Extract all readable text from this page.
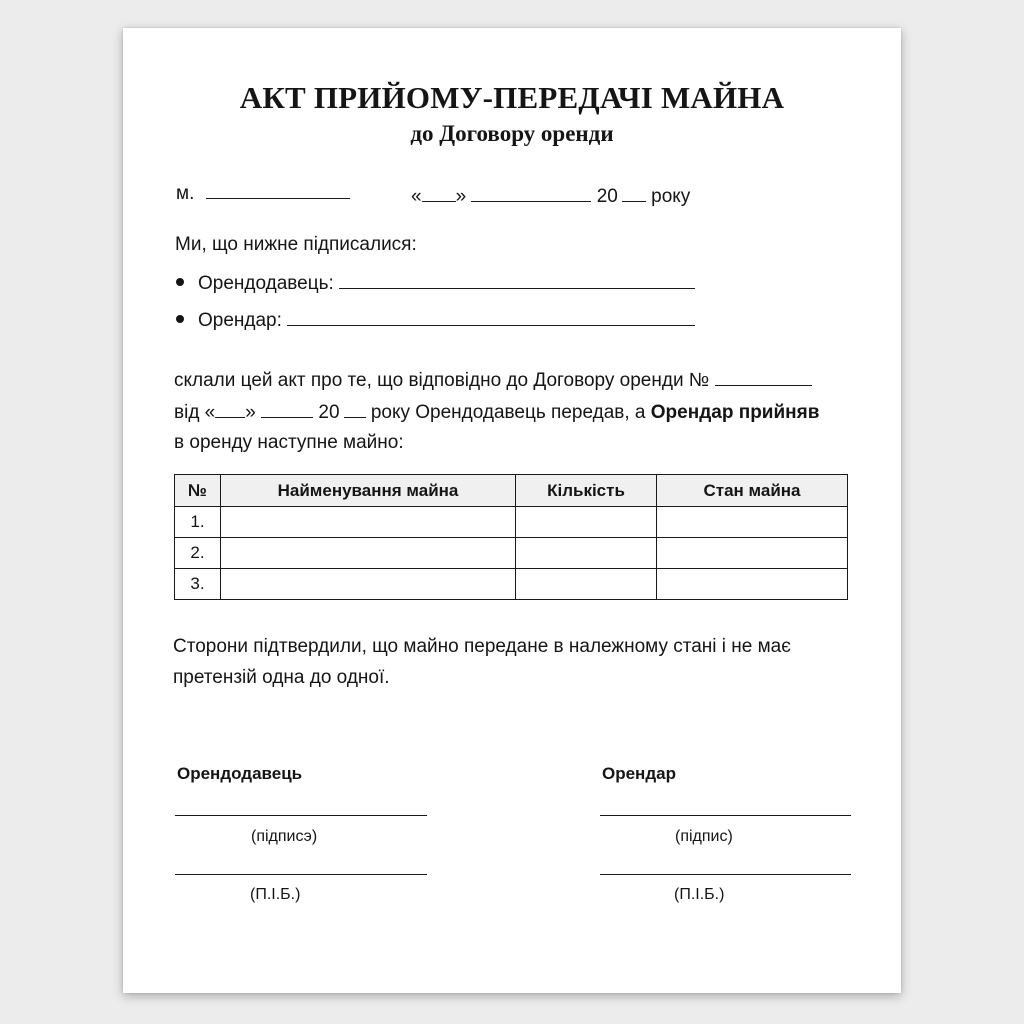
АКТ ПРИЙОМУ-ПЕРЕДАЧІ МАЙНА
до Договору оренди
м.	« »	20 року
Ми, що нижне підписалися:
Орендодавець:
Орендар:
склали цей акт про те, що відповідно до Договору оренди №
від « »	20 року Орендодавець передав, а Орендар прийняв
в оренду наступне майно:
№	Найменування майна	Кількість	Стан майна
1.			
2.			
3.			
Сторони підтвердили, що майно передане в належному стані і не має
претензій одна до одної.
Орендодавець
(підписэ)
(П.І.Б.)
Орендар
(підпис)
(П.І.Б.)
